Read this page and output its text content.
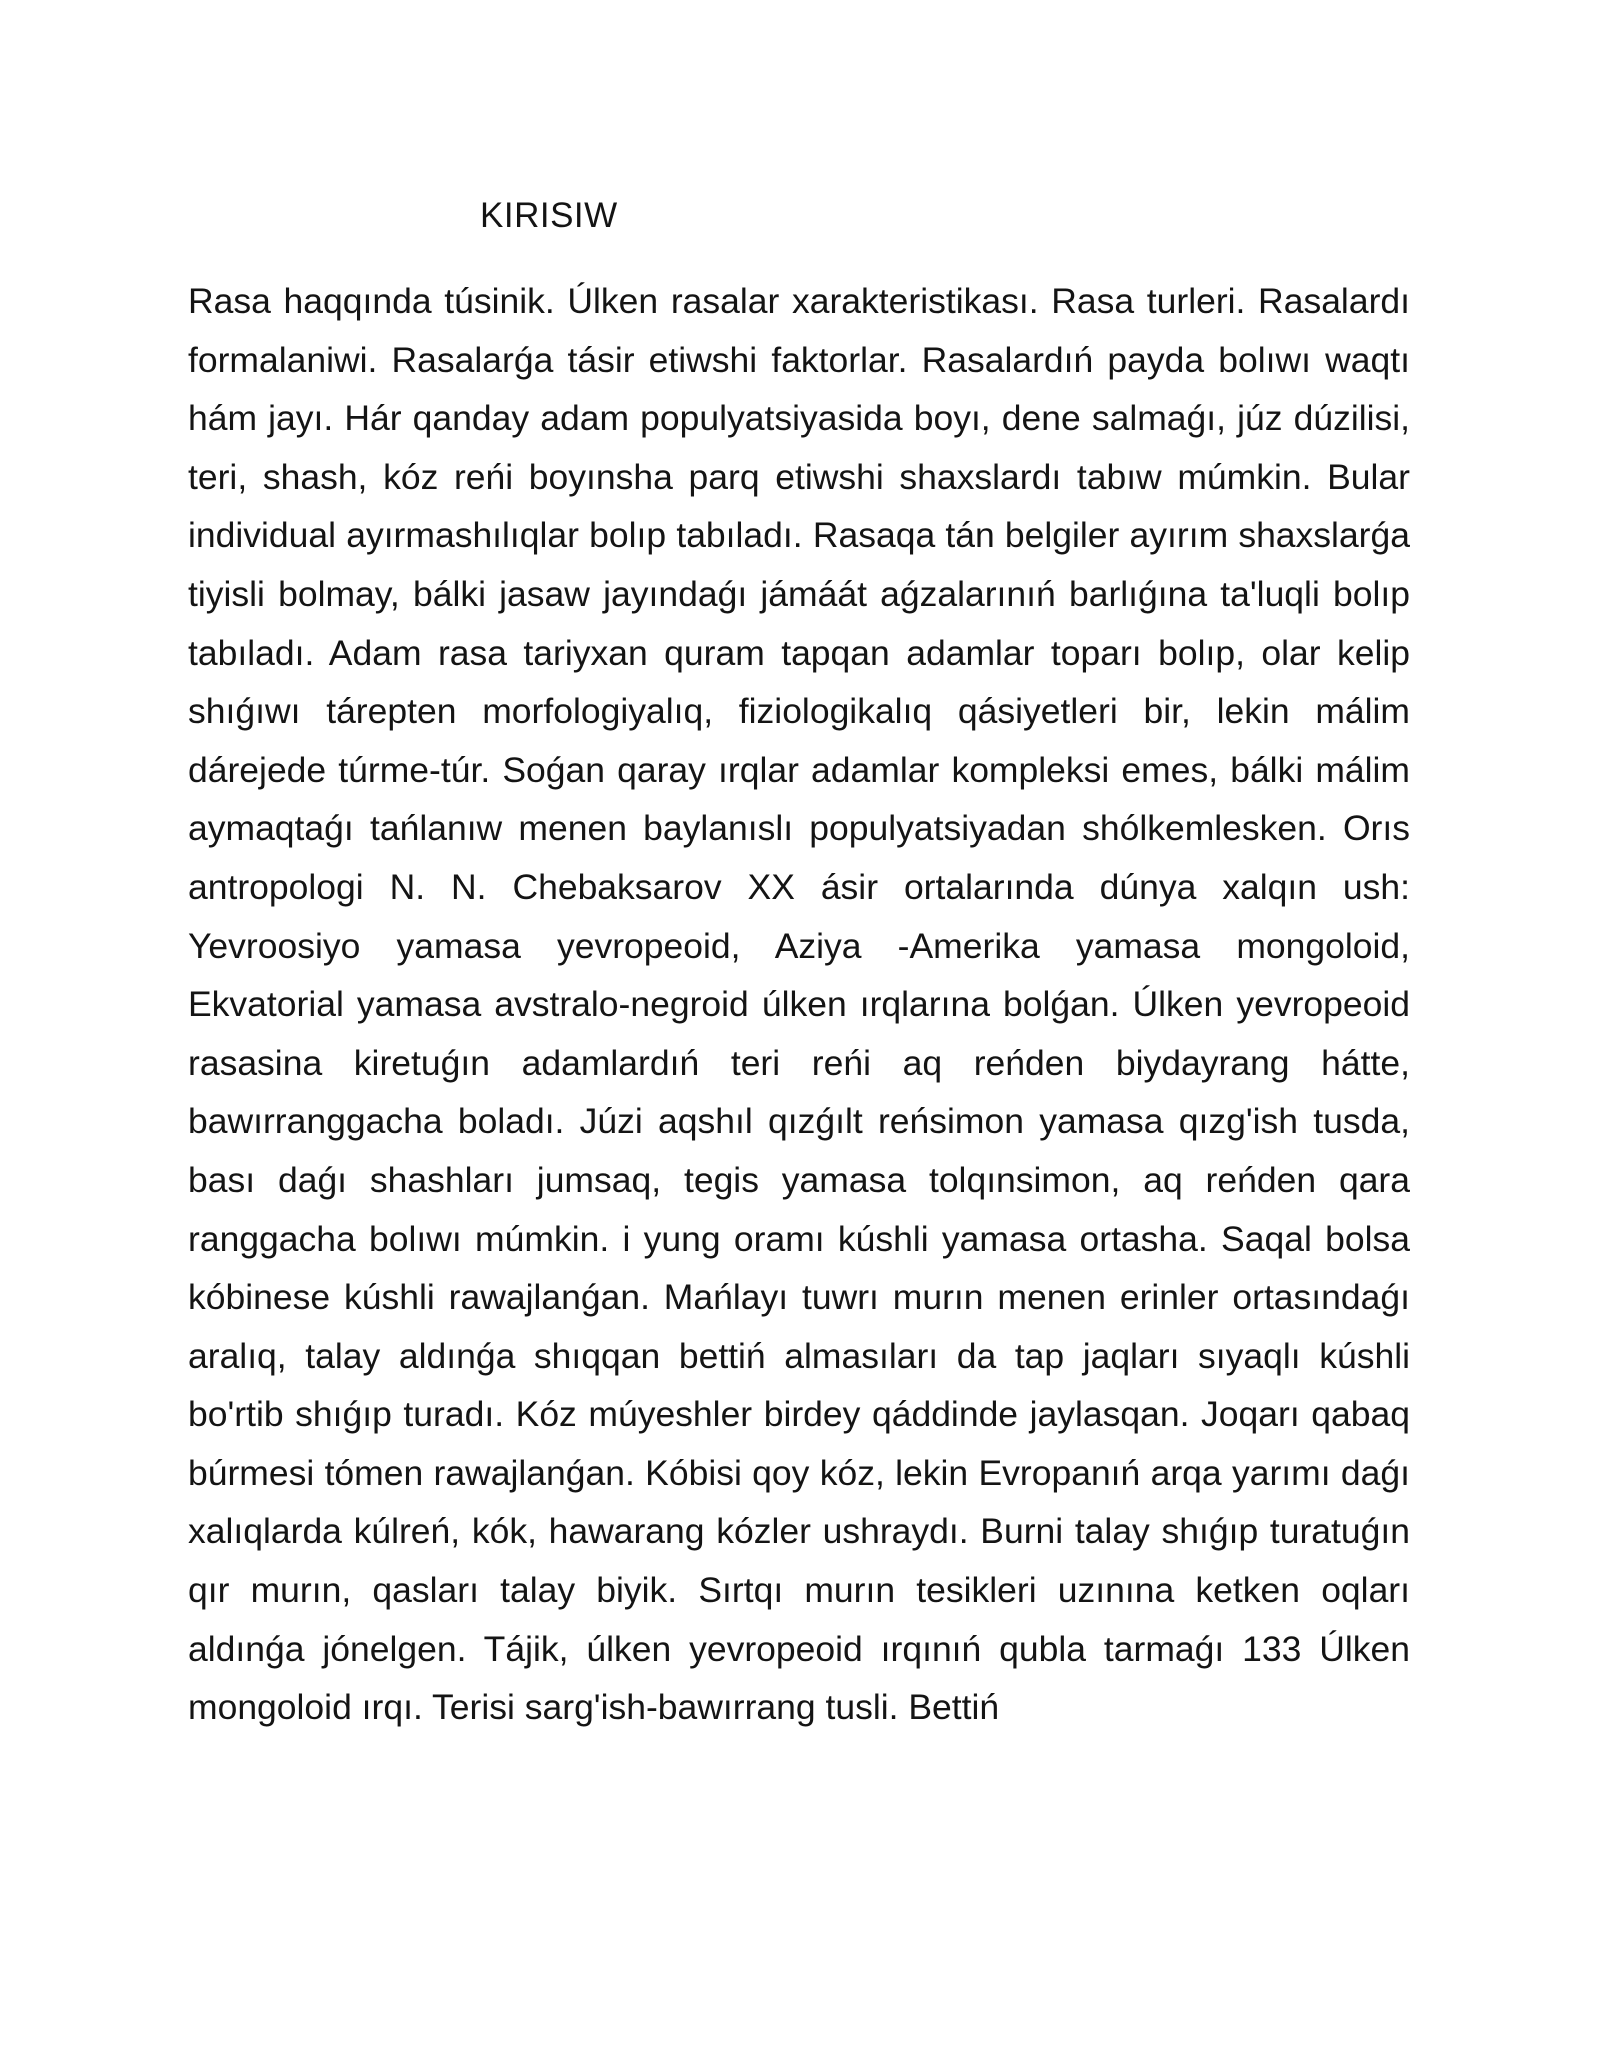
KIRISIW

Rasa haqqında túsinik. Úlken rasalar xarakteristikası. Rasa turleri. Rasalardı formalaniwi. Rasalarǵa tásir etiwshi faktorlar. Rasalardıń payda bolıwı waqtı hám jayı. Hár qanday adam populyatsiyasida boyı, dene salmaǵı, júz dúzilisi, teri, shash, kóz reńi boyınsha parq etiwshi shaxslardı tabıw múmkin. Bular individual ayırmashılıqlar bolıp tabıladı. Rasaqa tán belgiler ayırım shaxslarǵa tiyisli bolmay, bálki jasaw jayındaǵı jámáát aǵzalarınıń barlıǵına ta'luqli bolıp tabıladı. Adam rasa tariyxan quram tapqan adamlar toparı bolıp, olar kelip shıǵıwı tárepten morfologiyalıq, fiziologikalıq qásiyetleri bir, lekin málim dárejede túrme-túr. Soǵan qaray ırqlar adamlar kompleksi emes, bálki málim aymaqtaǵı tańlanıw menen baylanıslı populyatsiyadan shólkemlesken. Orıs antropologi N. N. Chebaksarov XX ásir ortalarında dúnya xalqın ush: Yevroosiyo yamasa yevropeoid, Aziya -Amerika yamasa mongoloid, Ekvatorial yamasa avstralo-negroid úlken ırqlarına bolǵan. Úlken yevropeoid rasasina kiretuǵın adamlardıń teri reńi aq reńden biydayrang hátte, bawırranggacha boladı. Júzi aqshıl qızǵılt reńsimon yamasa qızg'ish tusda, bası daǵı shashları jumsaq, tegis yamasa tolqınsimon, aq reńden qara ranggacha bolıwı múmkin. i yung oramı kúshli yamasa ortasha. Saqal bolsa kóbinese kúshli rawajlanǵan. Mańlayı tuwrı murın menen erinler ortasındaǵı aralıq, talay aldınǵa shıqqan bettiń almasıları da tap jaqları sıyaqlı kúshli bo'rtib shıǵıp turadı. Kóz múyeshler birdey qáddinde jaylasqan. Joqarı qabaq búrmesi tómen rawajlanǵan. Kóbisi qoy kóz, lekin Evropanıń arqa yarımı daǵı xalıqlarda kúlreń, kók, hawarang kózler ushraydı. Burni talay shıǵıp turatuǵın qır murın, qasları talay biyik. Sırtqı murın tesikleri uzınına ketken oqları aldınǵa jónelgen. Tájik, úlken yevropeoid ırqınıń qubla tarmaǵı 133 Úlken mongoloid ırqı. Terisi sarg'ish-bawırrang tusli. Bettiń
